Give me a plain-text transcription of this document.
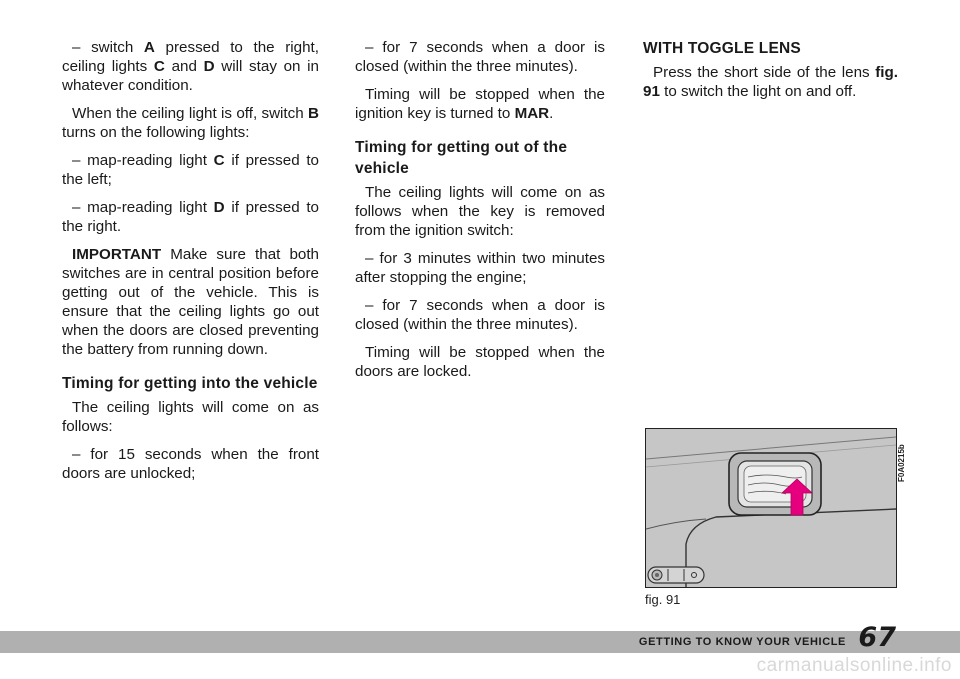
– switch A pressed to the right, ceiling lights C and D will stay on in whatever condition.

When the ceiling light is off, switch B turns on the following lights:

– map-reading light C if pressed to the left;

– map-reading light D if pressed to the right.

IMPORTANT Make sure that both switches are in central position before getting out of the vehicle. This is ensure that the ceiling lights go out when the doors are closed preventing the battery from running down.

Timing for getting into the vehicle

The ceiling lights will come on as follows:

– for 15 seconds when the front doors are unlocked;

– for 7 seconds when a door is closed (within the three minutes).

Timing will be stopped when the ignition key is turned to MAR.

Timing for getting out of the vehicle

The ceiling lights will come on as follows when the key is removed from the ignition switch:

– for 3 minutes within two minutes after stopping the engine;

– for 7 seconds when a door is closed (within the three minutes).

Timing will be stopped when the doors are locked.

WITH TOGGLE LENS

Press the short side of the lens fig. 91 to switch the light on and off.

F0A0215b
fig. 91
GETTING TO KNOW YOUR VEHICLE 67
carmanualsonline.info
